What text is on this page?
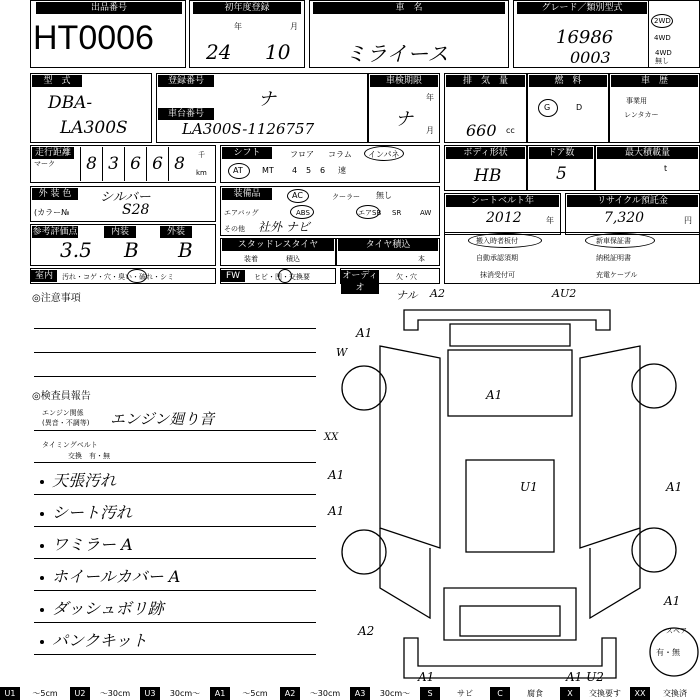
出品番号
HT0006
初年度登録
年	月
24 10
車　名
ミライース
グレード／類別型式
16986
0003
2WD
4WD
4WD
無し
型　式
DBA-
LA300S
登録番号
ナ
車台番号
LA300S-1126757
車検期限
年
月
ナ
排　気　量
660 cc
燃　料
G	D
車　歴
事業用
レンタカー
走行距離
マーク	8 3 6 6 8	千
km
シフト	フロア コラム インパネ
AT MT 4 5 6 速
ボディ形状
HB
ドア数
5
最大積載量
t
外 装 色	シルバー
(カラー№	S28
装備品	AC	クーラー 無し
エアバッグ	ABS	エアSB SR	AW
その他 社外 ナビ
シートベルト年
2012	年
リサイクル預託金
7,320	円
参考評価点
3.5
内装
B
外装
B	スタッドレスタイヤ
装着	積込
タイヤ積込
本
搬入時者板付	新車保証書
自動承認須期	納税証明書
抹消受付可	充電ケーブル
室内	汚れ・コゲ・穴・臭い・破れ・シミ	FW	ヒビ・凹・交換要	オーディオ
欠・穴
◎注意事項
◎検査員報告
エンジン関係
(異音・不調等) エンジン廻り音
タイミングベルト
交換　有・無
天張汚れ
シート汚れ
ワミラー A
ホイールカバー A
ダッシュボリ跡
パンクキット
ナル A2	AU2
A1
W
A1
XX
A1
U1	A1
A1
A1
A2
A1	A1 U2
スペア
有・無
U1	〜5cm	U2	〜30cm	U3	30cm〜	A1	〜5cm	A2	〜30cm	A3	30cm〜	S	サビ	C	腐食	X	交換要す	XX	交換済
